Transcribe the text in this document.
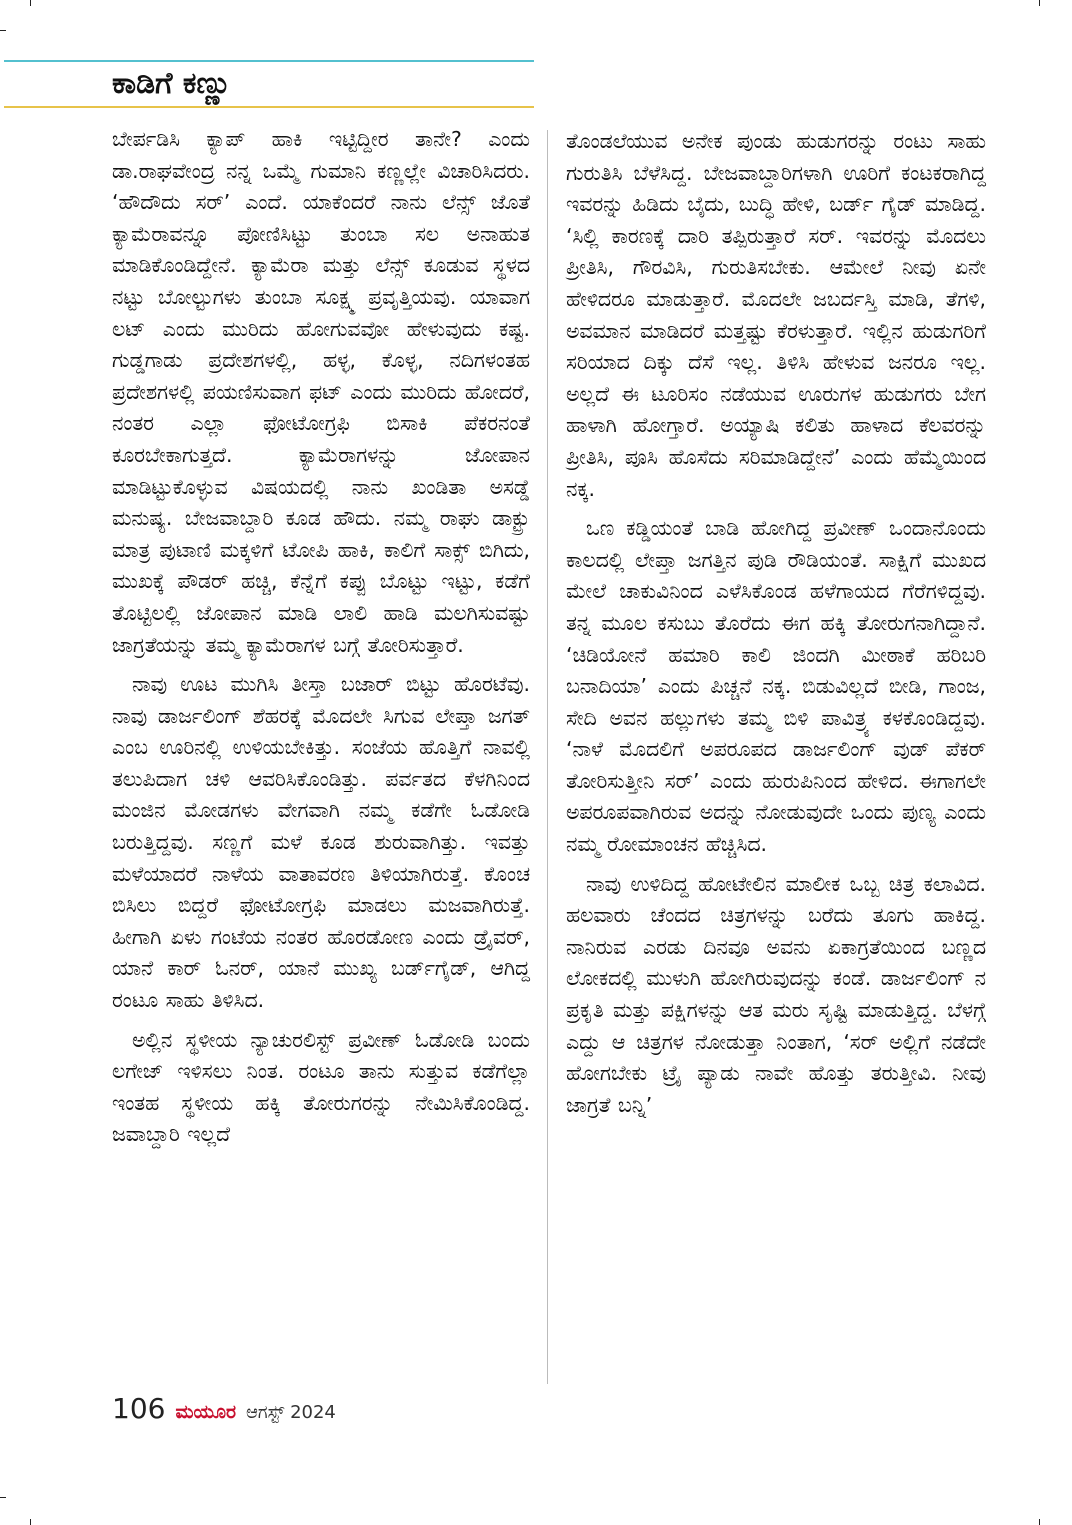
ಕಾಡಿಗೆ ಕಣ್ಣು

ಬೇರ್ಪಡಿಸಿ ಕ್ಯಾಪ್ ಹಾಕಿ ಇಟ್ಟಿದ್ದೀರ ತಾನೇ? ಎಂದು ಡಾ.ರಾಘವೇಂದ್ರ ನನ್ನ ಒಮ್ಮೆ ಗುಮಾನಿ ಕಣ್ಣಲ್ಲೇ ವಿಚಾರಿಸಿದರು. ‘ಹೌದೌದು ಸರ್’ ಎಂದೆ. ಯಾಕೆಂದರೆ ನಾನು ಲೆನ್ಸ್ ಜೊತೆ ಕ್ಯಾಮೆರಾವನ್ನೂ ಪೋಣಿಸಿಟ್ಟು ತುಂಬಾ ಸಲ ಅನಾಹುತ ಮಾಡಿಕೊಂಡಿದ್ದೇನೆ. ಕ್ಯಾಮೆರಾ ಮತ್ತು ಲೆನ್ಸ್ ಕೂಡುವ ಸ್ಥಳದ ನಟ್ಟು ಬೋಲ್ಟುಗಳು ತುಂಬಾ ಸೂಕ್ಷ್ಮ ಪ್ರವೃತ್ತಿಯವು. ಯಾವಾಗ ಲಟ್ ಎಂದು ಮುರಿದು ಹೋಗುವವೋ ಹೇಳುವುದು ಕಷ್ಟ. ಗುಡ್ಡಗಾಡು ಪ್ರದೇಶಗಳಲ್ಲಿ, ಹಳ್ಳ, ಕೊಳ್ಳ, ನದಿಗಳಂತಹ ಪ್ರದೇಶಗಳಲ್ಲಿ ಪಯಣಿಸುವಾಗ ಫಟ್ ಎಂದು ಮುರಿದು ಹೋದರೆ, ನಂತರ ಎಲ್ಲಾ ಫೋಟೋಗ್ರಫಿ ಬಿಸಾಕಿ ಪೆಕರನಂತೆ ಕೂರಬೇಕಾಗುತ್ತದೆ. ಕ್ಯಾಮೆರಾಗಳನ್ನು ಜೋಪಾನ ಮಾಡಿಟ್ಟುಕೊಳ್ಳುವ ವಿಷಯದಲ್ಲಿ ನಾನು ಖಂಡಿತಾ ಅಸಡ್ಡೆ ಮನುಷ್ಯ. ಬೇಜವಾಬ್ದಾರಿ ಕೂಡ ಹೌದು. ನಮ್ಮ ರಾಘು ಡಾಕ್ಟ್ರು ಮಾತ್ರ ಪುಟಾಣಿ ಮಕ್ಕಳಿಗೆ ಟೋಪಿ ಹಾಕಿ, ಕಾಲಿಗೆ ಸಾಕ್ಸ್ ಬಿಗಿದು, ಮುಖಕ್ಕೆ ಪೌಡರ್ ಹಚ್ಚಿ, ಕೆನ್ನೆಗೆ ಕಪ್ಪು ಬೊಟ್ಟು ಇಟ್ಟು, ಕಡೆಗೆ ತೊಟ್ಟಿಲಲ್ಲಿ ಜೋಪಾನ ಮಾಡಿ ಲಾಲಿ ಹಾಡಿ ಮಲಗಿಸುವಷ್ಟು ಜಾಗ್ರತೆಯನ್ನು ತಮ್ಮ ಕ್ಯಾಮೆರಾಗಳ ಬಗ್ಗೆ ತೋರಿಸುತ್ತಾರೆ.

ನಾವು ಊಟ ಮುಗಿಸಿ ತೀಸ್ತಾ ಬಜಾರ್ ಬಿಟ್ಟು ಹೊರಟೆವು. ನಾವು ಡಾರ್ಜಲಿಂಗ್ ಶೆಹರಕ್ಕೆ ಮೊದಲೇ ಸಿಗುವ ಲೇಪ್ತಾ ಜಗತ್ ಎಂಬ ಊರಿನಲ್ಲಿ ಉಳಿಯಬೇಕಿತ್ತು. ಸಂಜೆಯ ಹೊತ್ತಿಗೆ ನಾವಲ್ಲಿ ತಲುಪಿದಾಗ ಚಳಿ ಆವರಿಸಿಕೊಂಡಿತ್ತು. ಪರ್ವತದ ಕೆಳಗಿನಿಂದ ಮಂಜಿನ ಮೋಡಗಳು ವೇಗವಾಗಿ ನಮ್ಮ ಕಡೆಗೇ ಓಡೋಡಿ ಬರುತ್ತಿದ್ದವು. ಸಣ್ಣಗೆ ಮಳೆ ಕೂಡ ಶುರುವಾಗಿತ್ತು. ಇವತ್ತು ಮಳೆಯಾದರೆ ನಾಳೆಯ ವಾತಾವರಣ ತಿಳಿಯಾಗಿರುತ್ತೆ. ಕೊಂಚ ಬಿಸಿಲು ಬಿದ್ದರೆ ಫೋಟೋಗ್ರಫಿ ಮಾಡಲು ಮಜವಾಗಿರುತ್ತೆ. ಹೀಗಾಗಿ ಏಳು ಗಂಟೆಯ ನಂತರ ಹೊರಡೋಣ ಎಂದು ಡ್ರೈವರ್, ಯಾನೆ ಕಾರ್ ಓನರ್, ಯಾನೆ ಮುಖ್ಯ ಬರ್ಡ್‌ಗೈಡ್, ಆಗಿದ್ದ ರಂಟೂ ಸಾಹು ತಿಳಿಸಿದ.

ಅಲ್ಲಿನ ಸ್ಥಳೀಯ ನ್ಯಾಚುರಲಿಸ್ಟ್ ಪ್ರವೀಣ್ ಓಡೋಡಿ ಬಂದು ಲಗೇಜ್ ಇಳಿಸಲು ನಿಂತ. ರಂಟೂ ತಾನು ಸುತ್ತುವ ಕಡೆಗೆಲ್ಲಾ ಇಂತಹ ಸ್ಥಳೀಯ ಹಕ್ಕಿ ತೋರುಗರನ್ನು ನೇಮಿಸಿಕೊಂಡಿದ್ದ. ಜವಾಬ್ದಾರಿ ಇಲ್ಲದೆ

ತೊಂಡಲೆಯುವ ಅನೇಕ ಪುಂಡು ಹುಡುಗರನ್ನು ರಂಟು ಸಾಹು ಗುರುತಿಸಿ ಬೆಳೆಸಿದ್ದ. ಬೇಜವಾಬ್ದಾರಿಗಳಾಗಿ ಊರಿಗೆ ಕಂಟಕರಾಗಿದ್ದ ಇವರನ್ನು ಹಿಡಿದು ಬೈದು, ಬುದ್ಧಿ ಹೇಳಿ, ಬರ್ಡ್ ಗೈಡ್ ಮಾಡಿದ್ದ. ‘ಸಿಲ್ಲಿ ಕಾರಣಕ್ಕೆ ದಾರಿ ತಪ್ಪಿರುತ್ತಾರೆ ಸರ್. ಇವರನ್ನು ಮೊದಲು ಪ್ರೀತಿಸಿ, ಗೌರವಿಸಿ, ಗುರುತಿಸಬೇಕು. ಆಮೇಲೆ ನೀವು ಏನೇ ಹೇಳಿದರೂ ಮಾಡುತ್ತಾರೆ. ಮೊದಲೇ ಜಬರ್ದಸ್ತಿ ಮಾಡಿ, ತೆಗಳಿ, ಅವಮಾನ ಮಾಡಿದರೆ ಮತ್ತಷ್ಟು ಕೆರಳುತ್ತಾರೆ. ಇಲ್ಲಿನ ಹುಡುಗರಿಗೆ ಸರಿಯಾದ ದಿಕ್ಕು ದೆಸೆ ಇಲ್ಲ. ತಿಳಿಸಿ ಹೇಳುವ ಜನರೂ ಇಲ್ಲ. ಅಲ್ಲದೆ ಈ ಟೂರಿಸಂ ನಡೆಯುವ ಊರುಗಳ ಹುಡುಗರು ಬೇಗ ಹಾಳಾಗಿ ಹೋಗ್ತಾರೆ. ಅಯ್ಯಾಷಿ ಕಲಿತು ಹಾಳಾದ ಕೆಲವರನ್ನು ಪ್ರೀತಿಸಿ, ಪೂಸಿ ಹೊಸೆದು ಸರಿಮಾಡಿದ್ದೇನೆ’ ಎಂದು ಹೆಮ್ಮೆಯಿಂದ ನಕ್ಕ.

ಒಣ ಕಡ್ಡಿಯಂತೆ ಬಾಡಿ ಹೋಗಿದ್ದ ಪ್ರವೀಣ್ ಒಂದಾನೊಂದು ಕಾಲದಲ್ಲಿ ಲೇಪ್ತಾ ಜಗತ್ತಿನ ಪುಡಿ ರೌಡಿಯಂತೆ. ಸಾಕ್ಷಿಗೆ ಮುಖದ ಮೇಲೆ ಚಾಕುವಿನಿಂದ ಎಳೆಸಿಕೊಂಡ ಹಳೆಗಾಯದ ಗೆರೆಗಳಿದ್ದವು. ತನ್ನ ಮೂಲ ಕಸುಬು ತೊರೆದು ಈಗ ಹಕ್ಕಿ ತೋರುಗನಾಗಿದ್ದಾನೆ. ‘ಚಿಡಿಯೋನೆ ಹಮಾರಿ ಕಾಲಿ ಜಿಂದಗಿ ಮೀಠಾಕೆ ಹರಿಬರಿ ಬನಾದಿಯಾ’ ಎಂದು ಪಿಚ್ಚನೆ ನಕ್ಕ. ಬಿಡುವಿಲ್ಲದೆ ಬೀಡಿ, ಗಾಂಜ, ಸೇದಿ ಅವನ ಹಲ್ಲುಗಳು ತಮ್ಮ ಬಿಳಿ ಪಾವಿತ್ರ್ಯ ಕಳಕೊಂಡಿದ್ದವು. ‘ನಾಳೆ ಮೊದಲಿಗೆ ಅಪರೂಪದ ಡಾರ್ಜಲಿಂಗ್ ವುಡ್ ಪೆಕರ್ ತೋರಿಸುತ್ತೀನಿ ಸರ್’ ಎಂದು ಹುರುಪಿನಿಂದ ಹೇಳಿದ. ಈಗಾಗಲೇ ಅಪರೂಪವಾಗಿರುವ ಅದನ್ನು ನೋಡುವುದೇ ಒಂದು ಪುಣ್ಯ ಎಂದು ನಮ್ಮ ರೋಮಾಂಚನ ಹೆಚ್ಚಿಸಿದ.

ನಾವು ಉಳಿದಿದ್ದ ಹೋಟೇಲಿನ ಮಾಲೀಕ ಒಬ್ಬ ಚಿತ್ರ ಕಲಾವಿದ. ಹಲವಾರು ಚೆಂದದ ಚಿತ್ರಗಳನ್ನು ಬರೆದು ತೂಗು ಹಾಕಿದ್ದ. ನಾನಿರುವ ಎರಡು ದಿನವೂ ಅವನು ಏಕಾಗ್ರತೆಯಿಂದ ಬಣ್ಣದ ಲೋಕದಲ್ಲಿ ಮುಳುಗಿ ಹೋಗಿರುವುದನ್ನು ಕಂಡೆ. ಡಾರ್ಜಲಿಂಗ್ ನ ಪ್ರಕೃತಿ ಮತ್ತು ಪಕ್ಷಿಗಳನ್ನು ಆತ ಮರು ಸೃಷ್ಟಿ ಮಾಡುತ್ತಿದ್ದ. ಬೆಳಗ್ಗೆ ಎದ್ದು ಆ ಚಿತ್ರಗಳ ನೋಡುತ್ತಾ ನಿಂತಾಗ, ‘ಸರ್ ಅಲ್ಲಿಗೆ ನಡೆದೇ ಹೋಗಬೇಕು ಟ್ರೈ ಪ್ಯಾಡು ನಾವೇ ಹೊತ್ತು ತರುತ್ತೀವಿ. ನೀವು ಜಾಗ್ರತೆ ಬನ್ನಿ’

106 ಮಯೂರ ಆಗಸ್ಟ್ 2024
